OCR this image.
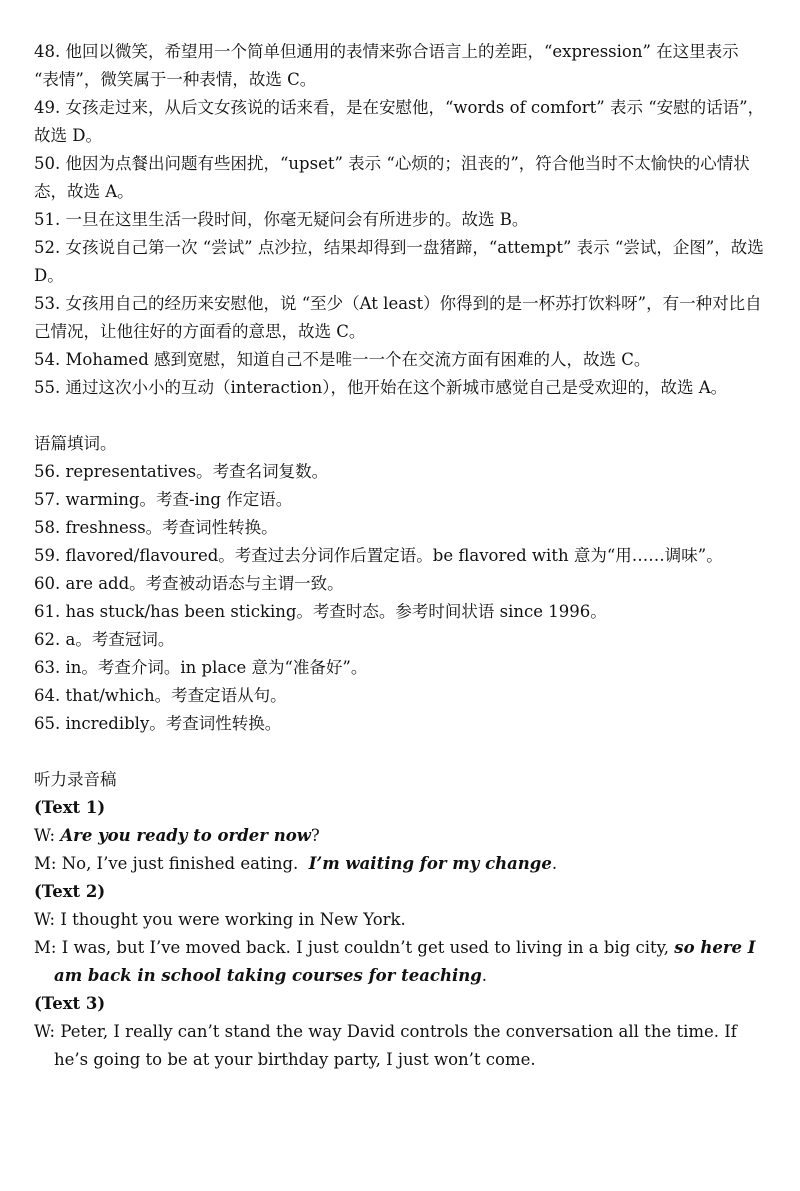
48. 他回以微笑，希望用一个简单但通用的表情来弥合语言上的差距，“expression” 在这里表示 “表情”，微笑属于一种表情，故选 C。
49. 女孩走过来，从后文女孩说的话来看，是在安慰他，“words of comfort” 表示 “安慰的话语”，故选 D。
50. 他因为点餐出问题有些困扰，“upset” 表示 “心烦的；沮丧的”，符合他当时不太愉快的心情状态，故选 A。
51. 一旦在这里生活一段时间，你毫无疑问会有所进步的。故选 B。
52. 女孩说自己第一次 “尝试” 点沙拉，结果却得到一盘猪蹄，“attempt” 表示 “尝试，企图”，故选 D。
53. 女孩用自己的经历来安慰他，说 “至少（At least）你得到的是一杯苏打饮料呀”，有一种对比自己情况，让他往好的方面看的意思，故选 C。
54. Mohamed 感到宽慰，知道自己不是唯一一个在交流方面有困难的人，故选 C。
55. 通过这次小小的互动（interaction），他开始在这个新城市感觉自己是受欢迎的，故选 A。
语篇填词。
56. representatives。考查名词复数。
57. warming。考查-ing 作定语。
58. freshness。考查词性转换。
59. flavored/flavoured。考查过去分词作后置定语。be flavored with 意为“用……调味”。
60. are add。考查被动语态与主谓一致。
61. has stuck/has been sticking。考查时态。参考时间状语 since 1996。
62. a。考查冠词。
63. in。考查介词。in place 意为“准备好”。
64. that/which。考查定语从句。
65. incredibly。考查词性转换。
听力录音稿
(Text 1)
W: Are you ready to order now?
M: No, I’ve just finished eating.  I’m waiting for my change.
(Text 2)
W: I thought you were working in New York.
M: I was, but I’ve moved back. I just couldn’t get used to living in a big city, so here I am back in school taking courses for teaching.
(Text 3)
W: Peter, I really can’t stand the way David controls the conversation all the time. If he’s going to be at your birthday party, I just won’t come.
